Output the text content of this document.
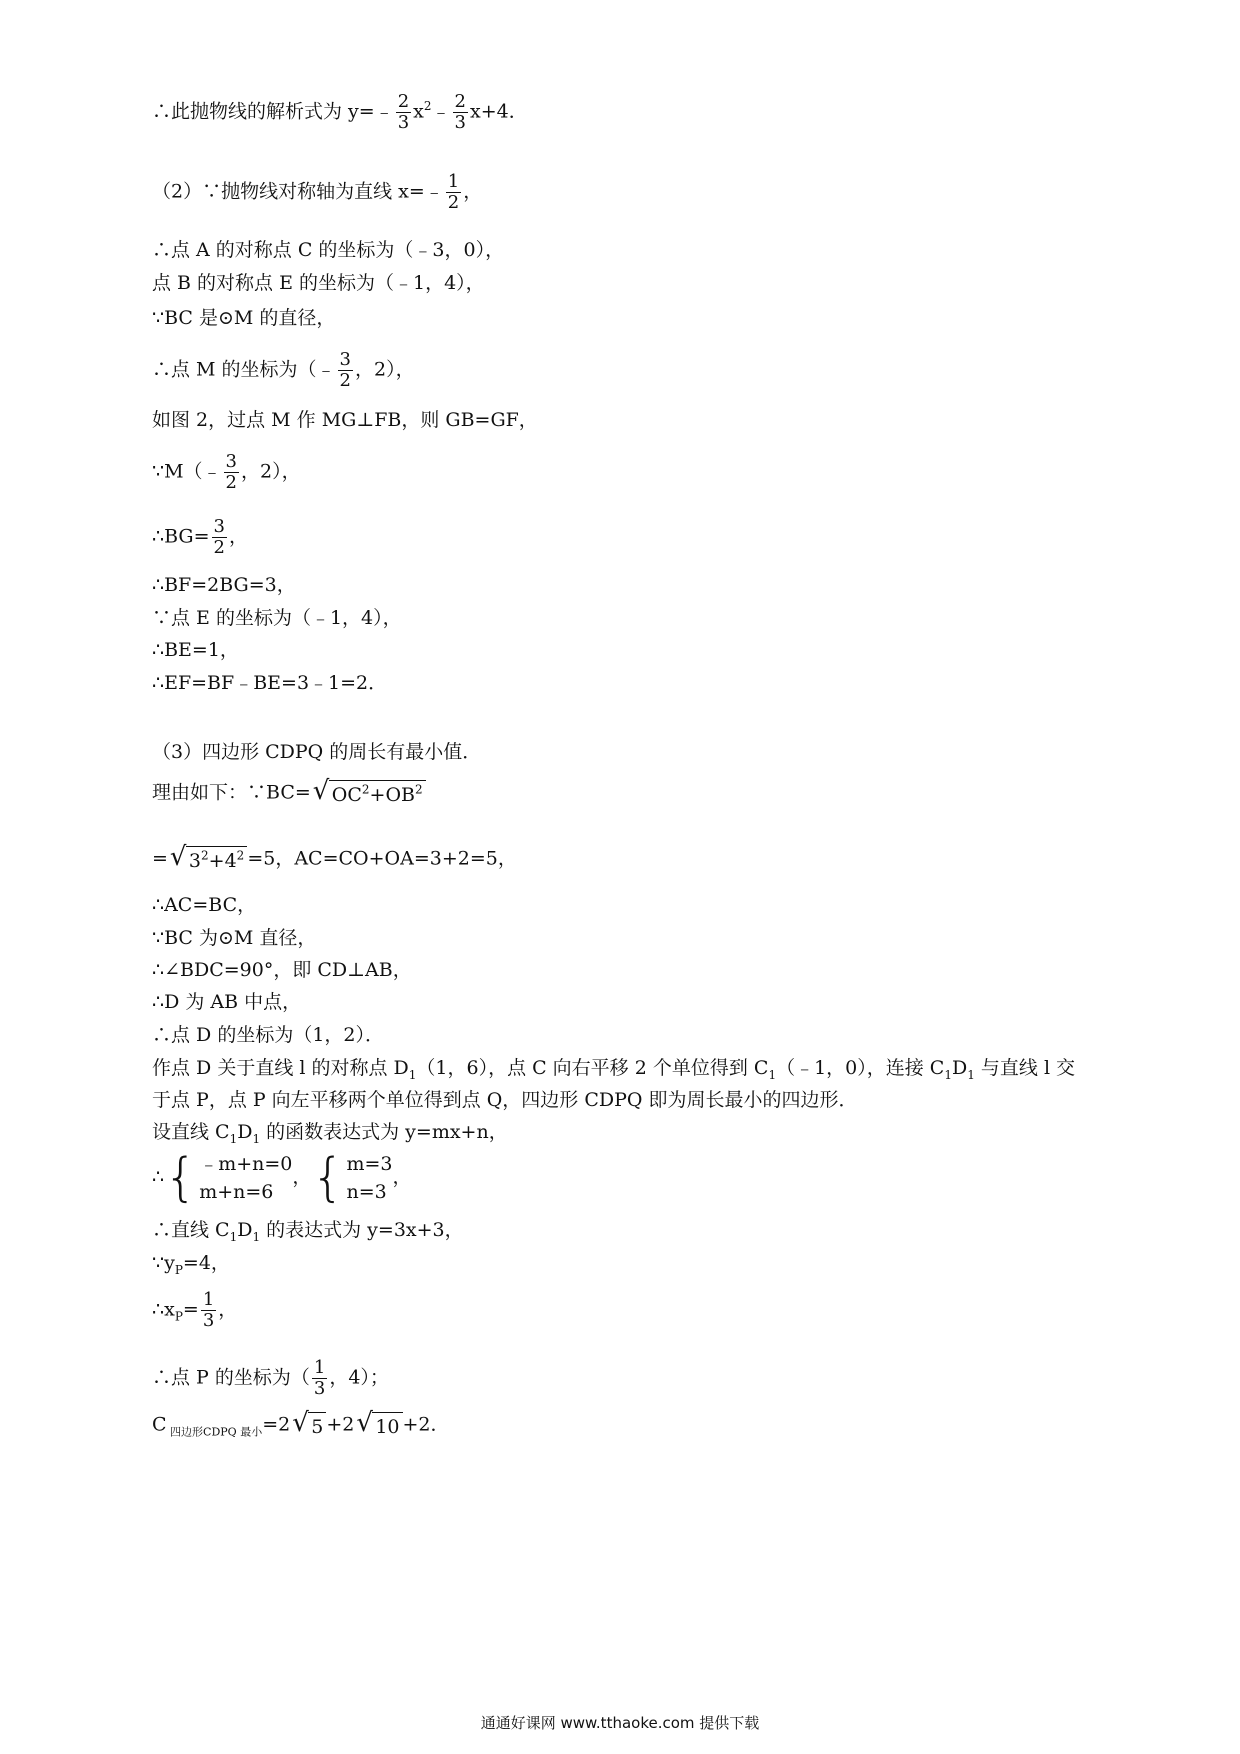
∴此抛物线的解析式为 y=﹣ $\frac{2}{3}$ $x^2﹣ \frac{2}{3} x+4$．
（2）∵抛物线对称轴为直线 x=﹣ $\frac{1}{2}$ ，
∴点 A 的对称点 C 的坐标为（﹣3，0），
点 B 的对称点 E 的坐标为（﹣1，4），
∵BC 是⊙M 的直径，
∴点 M 的坐标为（﹣ $\frac{3}{2}$ ，2），
如图 2，过点 M 作 MG⊥FB，则 GB=GF，
∵M（﹣ $\frac{3}{2}$ ，2），
∴BG= $\frac{3}{2}$ ，
∴BF=2BG=3，
∵点 E 的坐标为（﹣1，4），
∴BE=1，
∴EF=BF﹣BE=3﹣1=2．
（3）四边形 CDPQ 的周长有最小值．
理由如下：∵BC= √ $OC^2+OB^2$
= √ $3^2+4^2 =5$，AC=CO+OA=3+2=5，
∴AC=BC，
∵BC 为⊙M 直径，
∴∠BDC=90°，即 CD⊥AB，
∴D 为 AB 中点，
∴点 D 的坐标为（1，2）．
作点 D 关于直线 l 的对称点 $D_1(1$，6），点 C 向右平移 2 个单位得到 $C_1(﹣1$，0），连接 $C_1D_1$ 与直线 l 交
于点 P，点 P 向左平移两个单位得到点 Q，四边形 CDPQ 即为周长最小的四边形．
设直线 $C_1D_1$ 的函数表达式为 y=mx+n，
∴ { ﹣m+n=0
m+n=6
， { m=3
n=3
，
∴直线 $C_1D_1$ 的表达式为 y=3x+3，
$\because y_P=4$，
$\therefore x_P= \frac{1}{3}$ ，
∴点 P 的坐标为（ $\frac{1}{3}$ ，4）；
C $_{四边形CDPQ 最小}$=2 √ 5 +2 √ 10 +2．
通通好课网 www.tthaoke.com 提供下载
